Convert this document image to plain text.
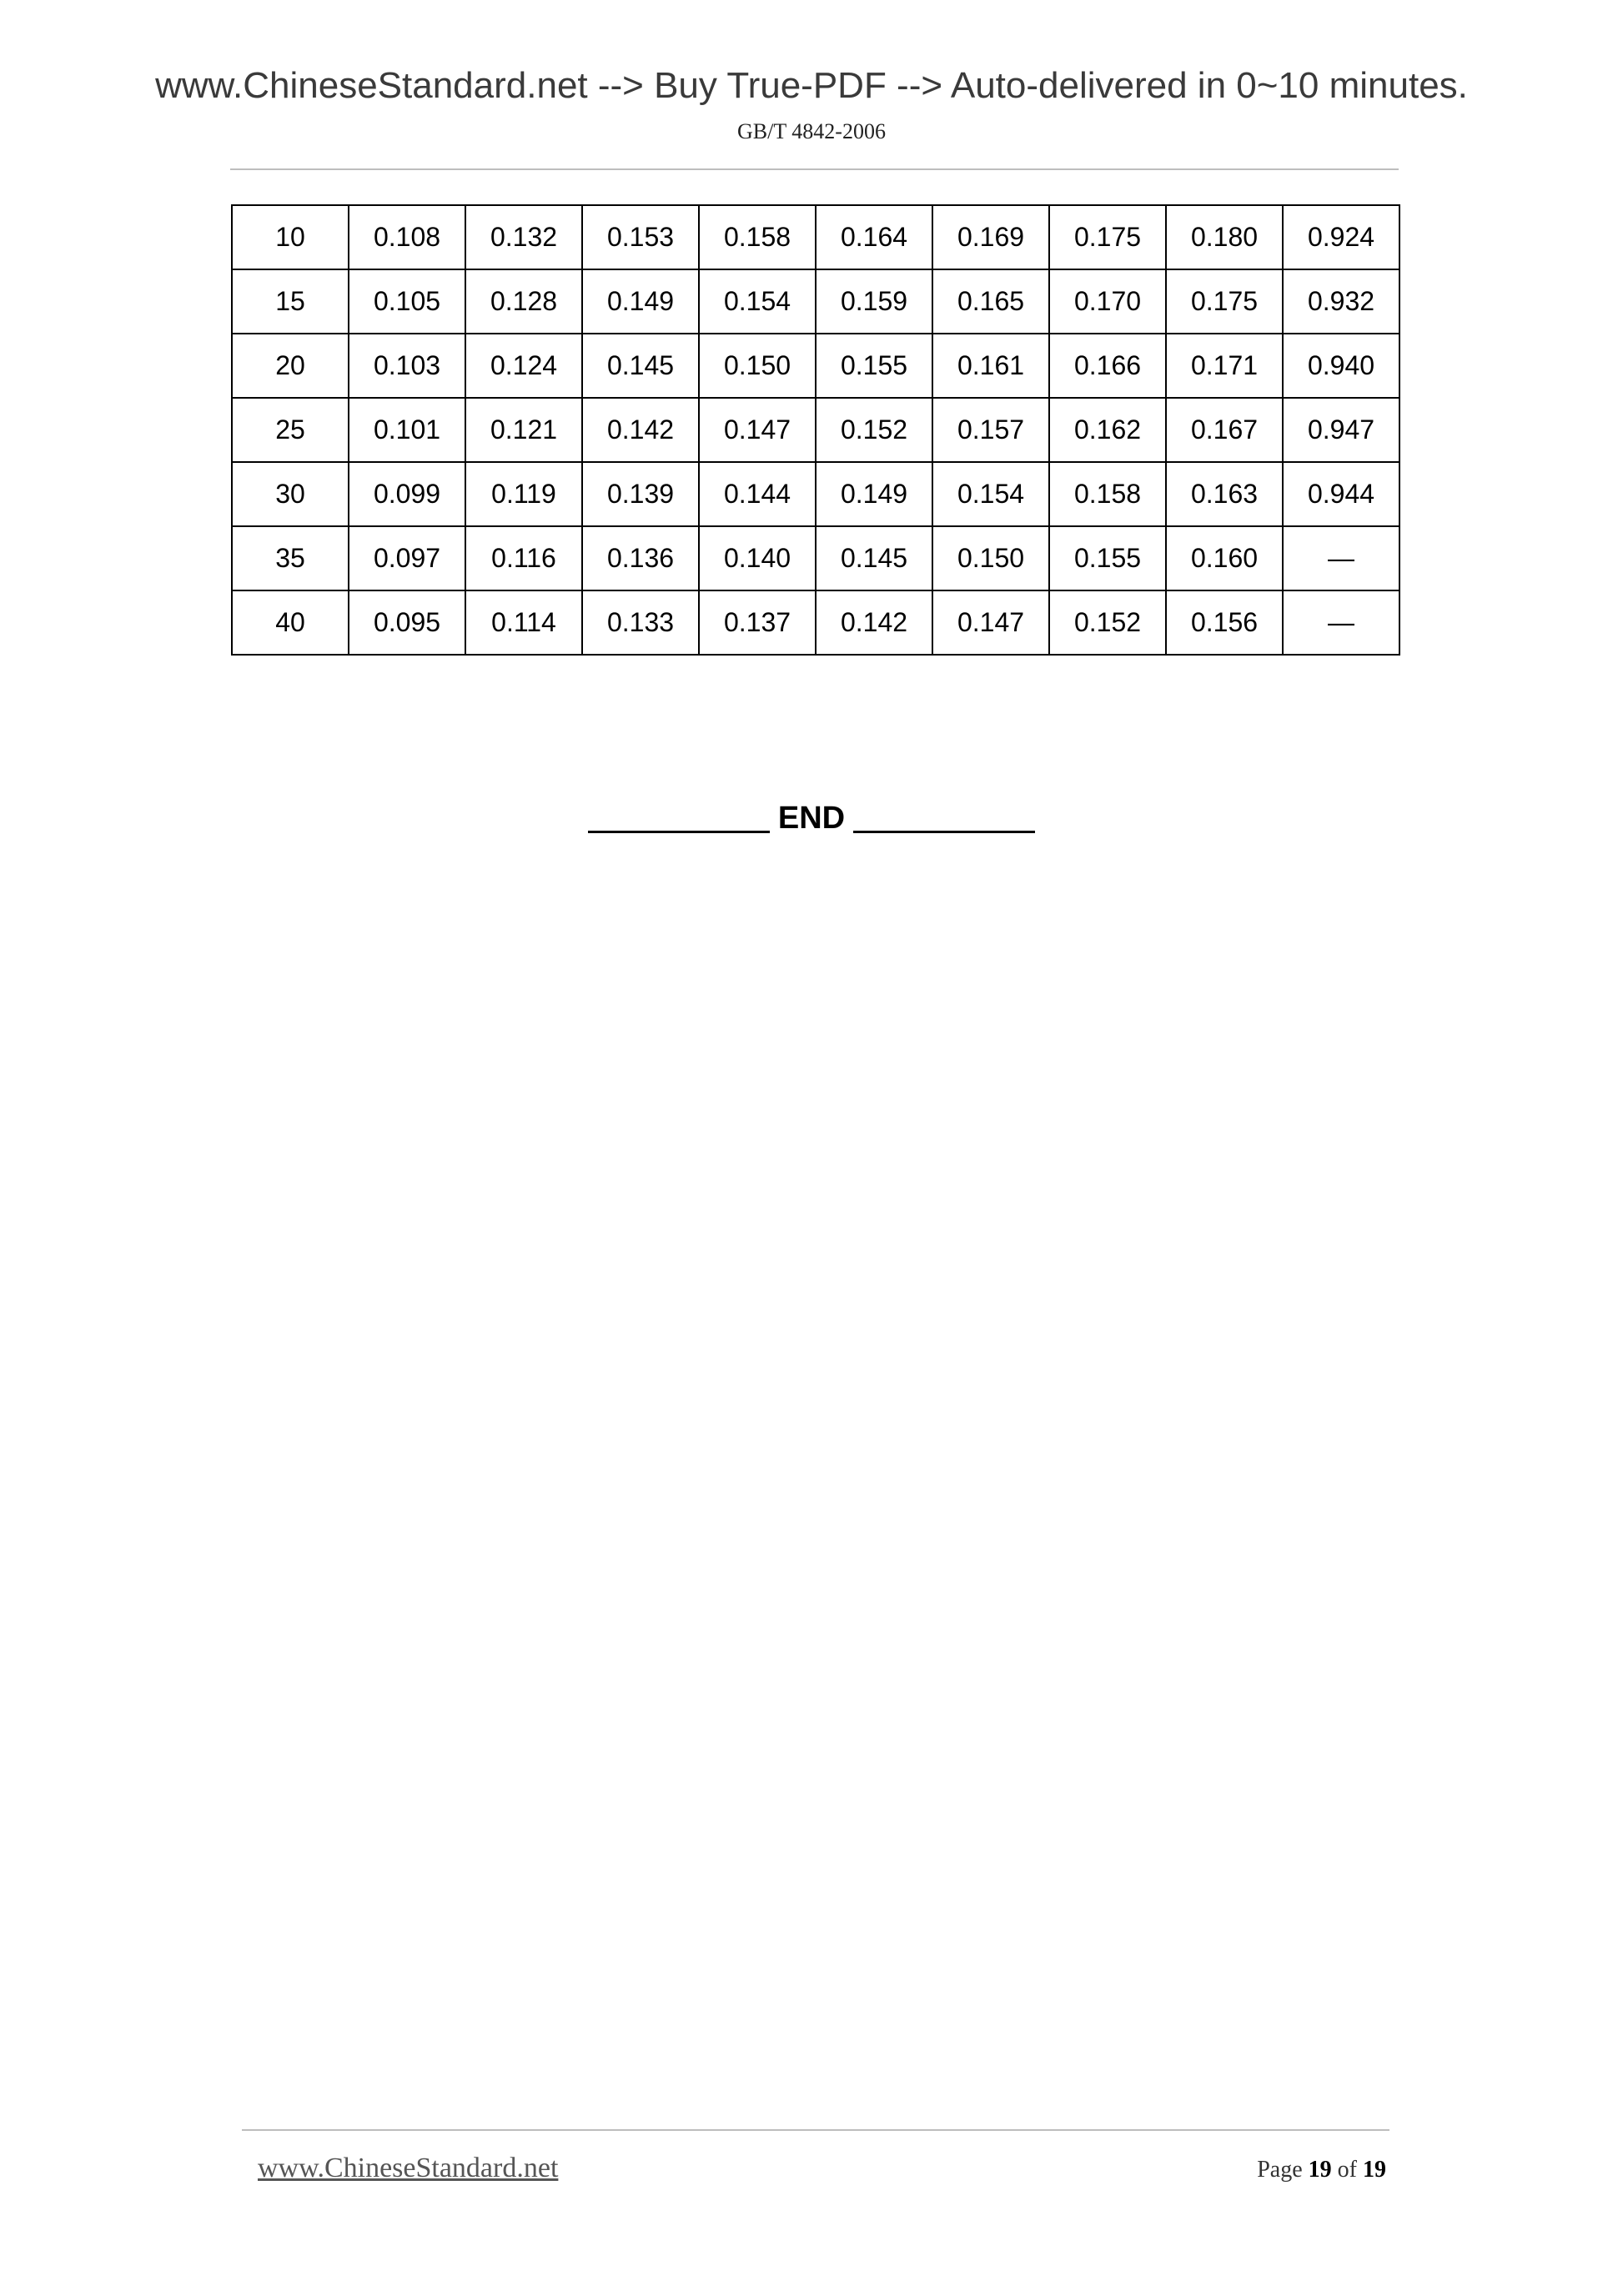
www.ChineseStandard.net --> Buy True-PDF --> Auto-delivered in 0~10 minutes.
GB/T 4842-2006
10	0.108	0.132	0.153	0.158	0.164	0.169	0.175	0.180	0.924
15	0.105	0.128	0.149	0.154	0.159	0.165	0.170	0.175	0.932
20	0.103	0.124	0.145	0.150	0.155	0.161	0.166	0.171	0.940
25	0.101	0.121	0.142	0.147	0.152	0.157	0.162	0.167	0.947
30	0.099	0.119	0.139	0.144	0.149	0.154	0.158	0.163	0.944
35	0.097	0.116	0.136	0.140	0.145	0.150	0.155	0.160	—
40	0.095	0.114	0.133	0.137	0.142	0.147	0.152	0.156	—
END
www.ChineseStandard.net	Page 19 of 19
